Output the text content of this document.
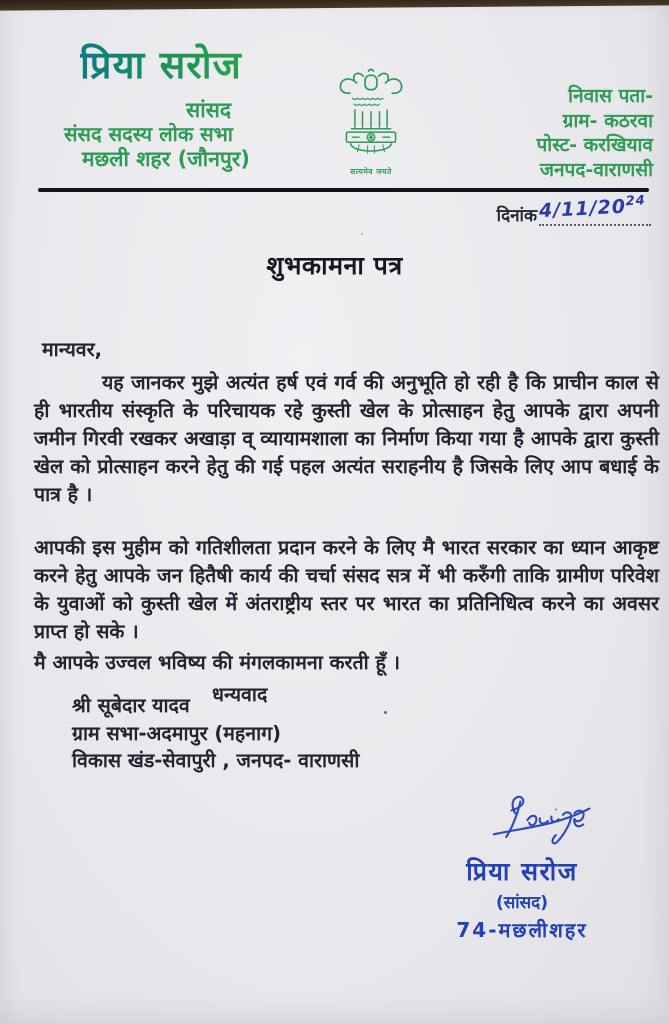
प्रिया सरोज
सांसद
संसद सदस्य लोक सभा
मछली शहर (जौनपुर)
सत्यमेव जयते
निवास पता-
ग्राम- कठरवा
पोस्ट- करखियाव
जनपद-वाराणसी
दिनांक $4/11/20^{24}$
शुभकामना पत्र

मान्यवर,

यह जानकर मुझे अत्यंत हर्ष एवं गर्व की अनुभूति हो रही है कि प्राचीन काल से ही भारतीय संस्कृति के परिचायक रहे कुस्ती खेल के प्रोत्साहन हेतु आपके द्वारा अपनी जमीन गिरवी रखकर अखाड़ा व् व्यायामशाला का निर्माण किया गया है आपके द्वारा कुस्ती खेल को प्रोत्साहन करने हेतु की गई पहल अत्यंत सराहनीय है जिसके लिए आप बधाई के पात्र है ।

आपकी इस मुहीम को गतिशीलता प्रदान करने के लिए मै भारत सरकार का ध्यान आकृष्ट करने हेतु आपके जन हितैषी कार्य की चर्चा संसद सत्र में भी करुँगी ताकि ग्रामीण परिवेश के युवाओं को कुस्ती खेल में अंतराष्ट्रीय स्तर पर भारत का प्रतिनिधित्व करने का अवसर प्राप्त हो सके ।

मै आपके उज्वल भविष्य की मंगलकामना करती हूँ ।

धन्यवाद

श्री सूबेदार यादव
ग्राम सभा-अदमापुर (महनाग)
विकास खंड-सेवापुरी , जनपद- वाराणसी
प्रिया सरोज
(सांसद)
74-मछलीशहर
